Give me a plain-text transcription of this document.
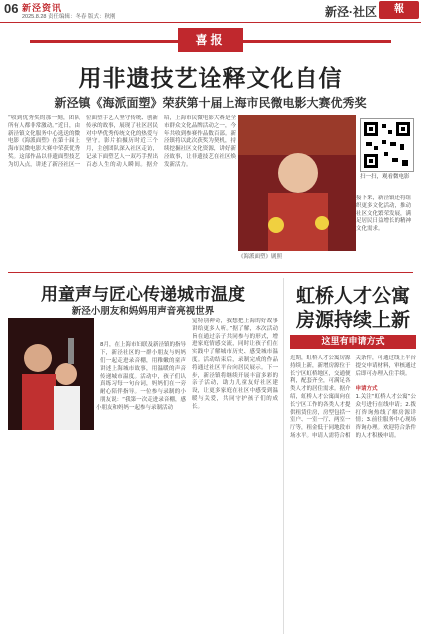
06 新泾资讯
2025.8.28 责任编辑：冬春 版式：秋刚	新泾·社区	報
喜报
用非遗技艺诠释文化自信
新泾镇《海派面塑》荣获第十届上海市民微电影大赛优秀奖
“收到优秀奖的那一刻，团队所有人都非常激动。”近日，由新泾镇文化服务中心选送的微电影《海派面塑》在第十届上海市民微电影大赛中荣获优秀奖。这部作品以非遗面塑技艺为切入点，讲述了新泾社区一位面塑手艺人坚守传统、创新传承的故事，展现了社区居民对中华优秀传统文化的热爱与坚守。影片拍摄历时近三个月，主创团队深入社区走访，记录下面塑艺人一双巧手捏出百态人生的动人瞬间。据介绍，上海市民微电影大赛是全市群众文化品牌活动之一，今年共收到参赛作品数百部。新泾镇将以此次获奖为契机，持续挖掘社区文化资源，讲好新泾故事，让非遗技艺在社区焕发新活力。
《海派面塑》剧照
扫一扫，观看微电影
接下来，新泾镇还将组织更多文化活动，推动社区文化繁荣发展，满足居民日益增长的精神文化需求。
用童声与匠心传递城市温度
新泾小朋友和妈妈用声音亮视世界
8月，在上海市妇联及新泾镇的指导下，新泾社区的一群小朋友与妈妈们一起走进录音棚，用稚嫩的童声讲述上海城市故事，用温暖的声音传递城市温度。活动中，孩子们认真练习每一句台词，妈妈们在一旁耐心陪伴指导。一位参与录制的小朋友说：“我第一次走进录音棚，感觉特别神奇，我想把上海的好故事讲给更多人听。”据了解，本次活动旨在通过亲子共同参与的形式，增进家庭情感交流，同时让孩子们在实践中了解城市历史、感受城市温度。活动结束后，录制完成的作品将通过社区平台向居民展示。下一步，新泾镇将继续开展丰富多彩的亲子活动，助力儿童友好社区建设，让更多家庭在社区中感受到温暖与关爱，共同守护孩子们的成长。
小朋友和妈妈一起参与录制活动
虹桥人才公寓房源持续上新
这里有申请方式
近期，虹桥人才公寓房源持续上新，新增房源位于长宁区虹桥地区，交通便利，配套齐全，可满足各类人才的居住需求。据介绍，虹桥人才公寓面向在长宁区工作的各类人才提供租赁住房，房型包括一室户、一室一厅、两室一厅等，租金低于同地段市场水平。申请人需符合相关条件，可通过线上平台提交申请材料，审核通过后即可办理入住手续。

申请方式
1.关注“虹桥人才公寓”公众号进行在线申请；2.拨打咨询热线了解房源详情；3.前往服务中心现场咨询办理。欢迎符合条件的人才积极申请。
